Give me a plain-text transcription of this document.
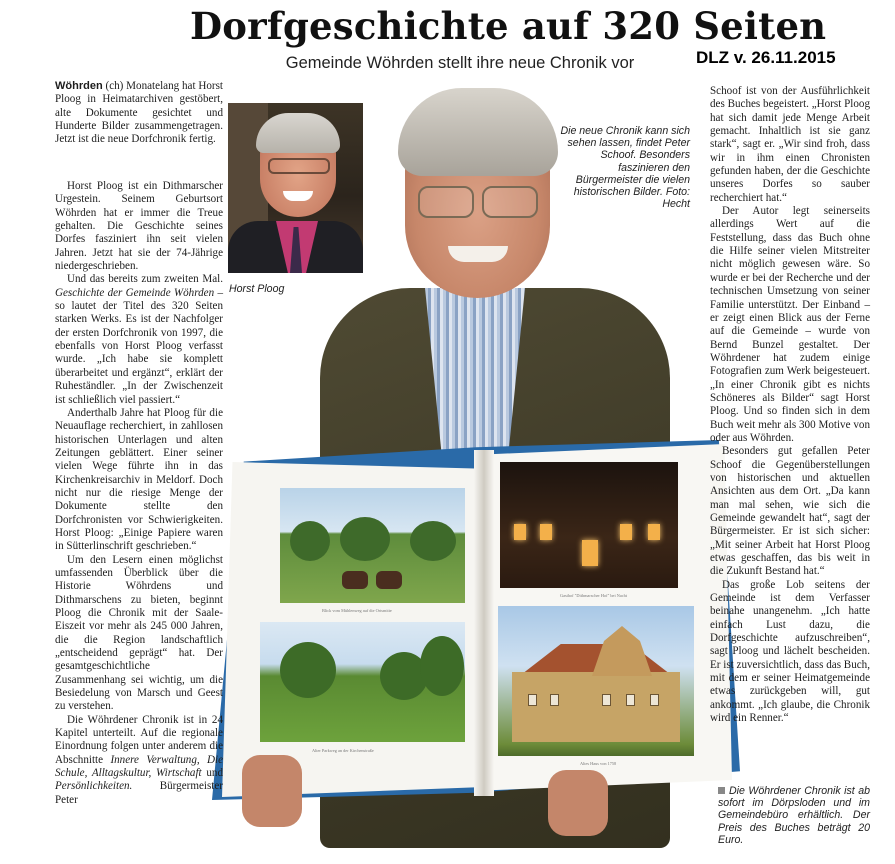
Dorfgeschichte auf 320 Seiten
Gemeinde Wöhrden stellt ihre neue Chronik vor	DLZ v. 26.11.2015
Horst Ploog
Blick vom Mühlenweg auf die Ortsmitte
Gasthof "Dithmarscher Hof" bei Nacht
Alter Parkweg an der Kirchenstraße
Altes Haus von 1758
Die neue Chronik kann sich sehen lassen, findet Peter Schoof. Besonders faszinieren den Bürgermeister die vielen historischen Bilder. Foto: Hecht

Wöhrden (ch) Monatelang hat Horst Ploog in Heimatarchiven gestöbert, alte Dokumente gesichtet und Hunderte Bilder zusammengetragen. Jetzt ist die neue Dorfchronik fertig.

Horst Ploog ist ein Dithmarscher Urgestein. Seinem Geburtsort Wöhrden hat er immer die Treue gehalten. Die Geschichte seines Dorfes fasziniert ihn seit vielen Jahren. Jetzt hat sie der 74-Jährige niedergeschrieben.

Und das bereits zum zweiten Mal. Geschichte der Gemeinde Wöhrden – so lautet der Titel des 320 Seiten starken Werks. Es ist der Nachfolger der ersten Dorfchronik von 1997, die ebenfalls von Horst Ploog verfasst wurde. „Ich habe sie komplett überarbeitet und ergänzt“, erklärt der Ruheständler. „In der Zwischenzeit ist schließlich viel passiert.“

Anderthalb Jahre hat Ploog für die Neuauflage recherchiert, in zahllosen historischen Unterlagen und alten Zeitungen geblättert. Einer seiner vielen Wege führte ihn in das Kirchenkreisarchiv in Meldorf. Doch nicht nur die riesige Menge der Dokumente stellte den Dorfchronisten vor Schwierigkeiten. Horst Ploog: „Einige Papiere waren in Sütterlinschrift geschrieben.“

Um den Lesern einen möglichst umfassenden Überblick über die Historie Wöhrdens und Dithmarschens zu bieten, beginnt Ploog die Chronik mit der Saale-Eiszeit vor mehr als 245 000 Jahren, die die Region landschaftlich „entscheidend geprägt“ hat. Der gesamtgeschichtliche Zusammenhang sei wichtig, um die Besiedelung von Marsch und Geest zu verstehen.

Die Wöhrdener Chronik ist in 24 Kapitel unterteilt. Auf die regionale Einordnung folgen unter anderem die Abschnitte Innere Verwaltung, Die Schule, Alltagskultur, Wirtschaft und Persönlichkeiten. Bürgermeister Peter

Schoof ist von der Ausführlichkeit des Buches begeistert. „Horst Ploog hat sich damit jede Menge Arbeit gemacht. Inhaltlich ist sie ganz stark“, sagt er. „Wir sind froh, dass wir in ihm einen Chronisten gefunden haben, der die Geschichte unseres Dorfes so sauber recherchiert hat.“

Der Autor legt seinerseits allerdings Wert auf die Feststellung, dass das Buch ohne die Hilfe seiner vielen Mitstreiter nicht möglich gewesen wäre. So wurde er bei der Recherche und der technischen Umsetzung von seiner Familie unterstützt. Der Einband – er zeigt einen Blick aus der Ferne auf die Gemeinde – wurde von Bernd Bunzel gestaltet. Der Wöhrdener hat zudem einige Fotografien zum Werk beigesteuert. „In einer Chronik gibt es nichts Schöneres als Bilder“ sagt Horst Ploog. Und so finden sich in dem Buch weit mehr als 300 Motive von oder aus Wöhrden.

Besonders gut gefallen Peter Schoof die Gegenüberstellungen von historischen und aktuellen Ansichten aus dem Ort. „Da kann man mal sehen, wie sich die Gemeinde gewandelt hat“, sagt der Bürgermeister. Er ist sich sicher: „Mit seiner Arbeit hat Horst Ploog etwas geschaffen, das bis weit in die Zukunft Bestand hat.“

Das große Lob seitens der Gemeinde ist dem Verfasser beinahe unangenehm. „Ich hatte einfach Lust dazu, die Dorfgeschichte aufzuschreiben“, sagt Ploog und lächelt bescheiden. Er ist zuversichtlich, dass das Buch, mit dem er seiner Heimatgemeinde etwas zurückgeben will, gut ankommt. „Ich glaube, die Chronik wird ein Renner.“

Die Wöhrdener Chronik ist ab sofort im Dörpsloden und im Gemeindebüro erhältlich. Der Preis des Buches beträgt 20 Euro.
